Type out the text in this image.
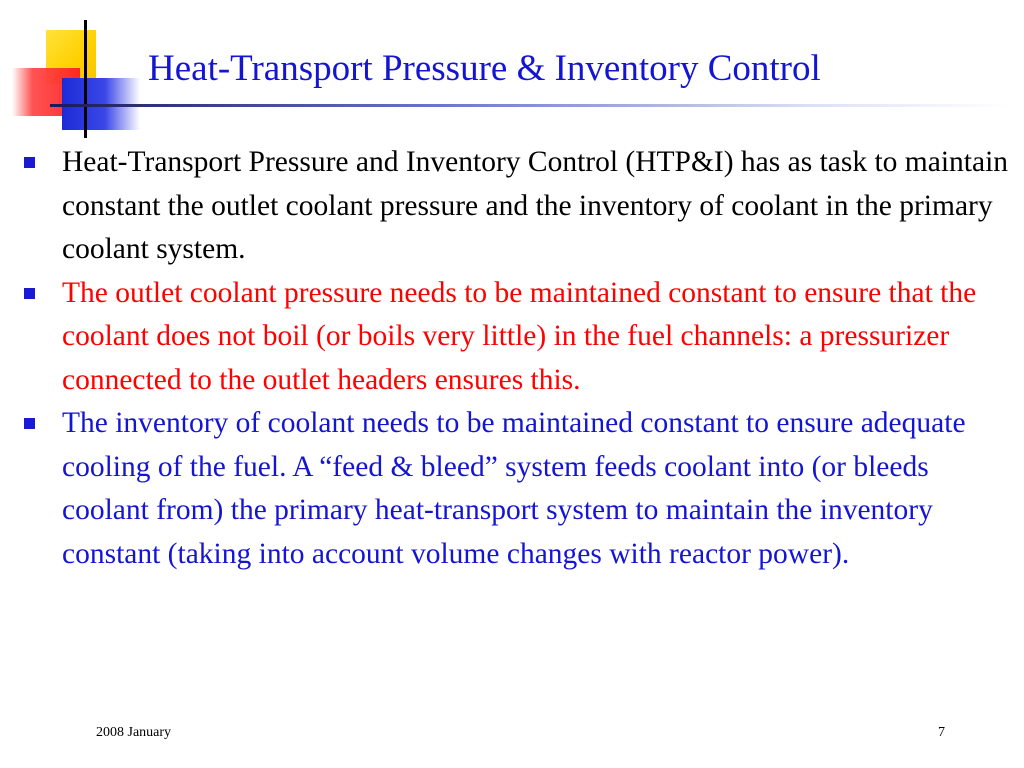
Heat-Transport Pressure & Inventory Control
Heat-Transport Pressure and Inventory Control (HTP&I) has as task to maintain constant the outlet coolant pressure and the inventory of coolant in the primary coolant system.
The outlet coolant pressure needs to be maintained constant to ensure that the coolant does not boil (or boils very little) in the fuel channels: a pressurizer connected to the outlet headers ensures this.
The inventory of coolant needs to be maintained constant to ensure adequate cooling of the fuel. A “feed & bleed” system feeds coolant into (or bleeds coolant from) the primary heat-transport system to maintain the inventory constant (taking into account volume changes with reactor power).
2008 January	7
